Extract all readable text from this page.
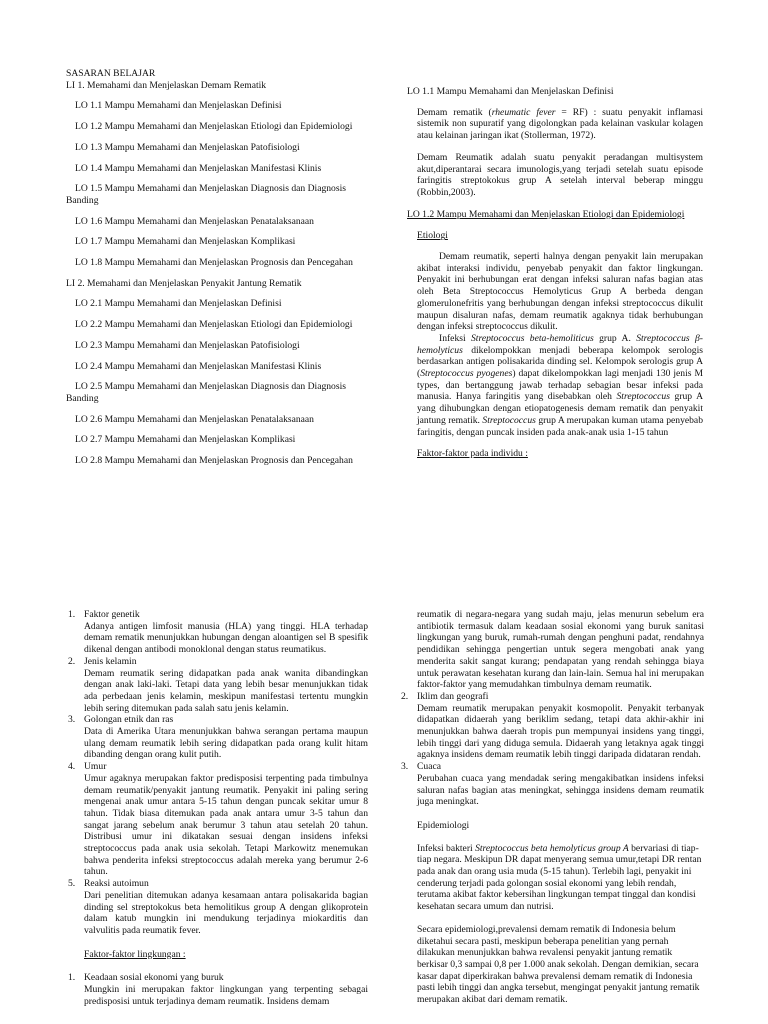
SASARAN BELAJAR

LI 1. Memahami dan Menjelaskan Demam Rematik

LO 1.1 Mampu Memahami dan Menjelaskan Definisi

LO 1.2 Mampu Memahami dan Menjelaskan Etiologi dan Epidemiologi

LO 1.3 Mampu Memahami dan Menjelaskan Patofisiologi

LO 1.4 Mampu Memahami dan Menjelaskan Manifestasi Klinis

LO 1.5 Mampu Memahami dan Menjelaskan Diagnosis dan Diagnosis Banding

LO 1.6 Mampu Memahami dan Menjelaskan Penatalaksanaan

LO 1.7 Mampu Memahami dan Menjelaskan Komplikasi

LO 1.8 Mampu Memahami dan Menjelaskan Prognosis dan Pencegahan

LI 2. Memahami dan Menjelaskan Penyakit Jantung Rematik

LO 2.1 Mampu Memahami dan Menjelaskan Definisi

LO 2.2 Mampu Memahami dan Menjelaskan Etiologi dan Epidemiologi

LO 2.3 Mampu Memahami dan Menjelaskan Patofisiologi

LO 2.4 Mampu Memahami dan Menjelaskan Manifestasi Klinis

LO 2.5 Mampu Memahami dan Menjelaskan Diagnosis dan Diagnosis Banding

LO 2.6 Mampu Memahami dan Menjelaskan Penatalaksanaan

LO 2.7 Mampu Memahami dan Menjelaskan Komplikasi

LO 2.8 Mampu Memahami dan Menjelaskan Prognosis dan Pencegahan

LO 1.1 Mampu Memahami dan Menjelaskan Definisi

Demam rematik (rheumatic fever = RF) : suatu penyakit inflamasi sistemik non supuratif yang digolongkan pada kelainan vaskular kolagen atau kelainan jaringan ikat (Stollerman, 1972).

Demam Reumatik adalah suatu penyakit peradangan multisystem akut,diperantarai secara imunologis,yang terjadi setelah suatu episode faringitis streptokokus grup A setelah interval beberap minggu (Robbin,2003).

LO 1.2 Mampu Memahami dan Menjelaskan Etiologi dan Epidemiologi

Etiologi

Demam reumatik, seperti halnya dengan penyakit lain merupakan akibat interaksi individu, penyebab penyakit dan faktor lingkungan. Penyakit ini berhubungan erat dengan infeksi saluran nafas bagian atas oleh Beta Streptococcus Hemolyticus Grup A berbeda dengan glomerulonefritis yang berhubungan dengan infeksi streptococcus dikulit maupun disaluran nafas, demam reumatik agaknya tidak berhubungan dengan infeksi streptococcus dikulit.

Infeksi Streptococcus beta-hemoliticus grup A. Streptococcus β-hemolyticus dikelompokkan menjadi beberapa kelompok serologis berdasarkan antigen polisakarida dinding sel. Kelompok serologis grup A (Streptococcus pyogenes) dapat dikelompokkan lagi menjadi 130 jenis M types, dan bertanggung jawab terhadap sebagian besar infeksi pada manusia. Hanya faringitis yang disebabkan oleh Streptococcus grup A yang dihubungkan dengan etiopatogenesis demam rematik dan penyakit jantung rematik. Streptococcus grup A merupakan kuman utama penyebab faringitis, dengan puncak insiden pada anak-anak usia 1-15 tahun

Faktor-faktor pada individu :

1. Faktor genetik
Adanya antigen limfosit manusia (HLA) yang tinggi. HLA terhadap demam rematik menunjukkan hubungan dengan aloantigen sel B spesifik dikenal dengan antibodi monoklonal dengan status reumatikus.
2. Jenis kelamin
Demam reumatik sering didapatkan pada anak wanita dibandingkan dengan anak laki-laki. Tetapi data yang lebih besar menunjukkan tidak ada perbedaan jenis kelamin, meskipun manifestasi tertentu mungkin lebih sering ditemukan pada salah satu jenis kelamin.
3. Golongan etnik dan ras
Data di Amerika Utara menunjukkan bahwa serangan pertama maupun ulang demam reumatik lebih sering didapatkan pada orang kulit hitam dibanding dengan orang kulit putih.
4. Umur
Umur agaknya merupakan faktor predisposisi terpenting pada timbulnya demam reumatik/penyakit jantung reumatik. Penyakit ini paling sering mengenai anak umur antara 5-15 tahun dengan puncak sekitar umur 8 tahun. Tidak biasa ditemukan pada anak antara umur 3-5 tahun dan sangat jarang sebelum anak berumur 3 tahun atau setelah 20 tahun. Distribusi umur ini dikatakan sesuai dengan insidens infeksi streptococcus pada anak usia sekolah. Tetapi Markowitz menemukan bahwa penderita infeksi streptococcus adalah mereka yang berumur 2-6 tahun.
5. Reaksi autoimun
Dari penelitian ditemukan adanya kesamaan antara polisakarida bagian dinding sel streptokokus beta hemolitikus group A dengan glikoprotein dalam katub mungkin ini mendukung terjadinya miokarditis dan valvulitis pada reumatik fever.

Faktor-faktor lingkungan :

1. Keadaan sosial ekonomi yang buruk
Mungkin ini merupakan faktor lingkungan yang terpenting sebagai predisposisi untuk terjadinya demam reumatik. Insidens demam

reumatik di negara-negara yang sudah maju, jelas menurun sebelum era antibiotik termasuk dalam keadaan sosial ekonomi yang buruk sanitasi lingkungan yang buruk, rumah-rumah dengan penghuni padat, rendahnya pendidikan sehingga pengertian untuk segera mengobati anak yang menderita sakit sangat kurang; pendapatan yang rendah sehingga biaya untuk perawatan kesehatan kurang dan lain-lain. Semua hal ini merupakan faktor-faktor yang memudahkan timbulnya demam reumatik.

2. Iklim dan geografi
Demam reumatik merupakan penyakit kosmopolit. Penyakit terbanyak didapatkan didaerah yang beriklim sedang, tetapi data akhir-akhir ini menunjukkan bahwa daerah tropis pun mempunyai insidens yang tinggi, lebih tinggi dari yang diduga semula. Didaerah yang letaknya agak tinggi agaknya insidens demam reumatik lebih tinggi daripada didataran rendah.
3. Cuaca
Perubahan cuaca yang mendadak sering mengakibatkan insidens infeksi saluran nafas bagian atas meningkat, sehingga insidens demam reumatik juga meningkat.

Epidemiologi

Infeksi bakteri Streptococcus beta hemolyticus group A bervariasi di tiap-tiap negara. Meskipun DR dapat menyerang semua umur,tetapi DR rentan pada anak dan orang usia muda (5-15 tahun). Terlebih lagi, penyakit ini cenderung terjadi pada golongan sosial ekonomi yang lebih rendah, terutama akibat faktor kebersihan lingkungan tempat tinggal dan kondisi kesehatan secara umum dan nutrisi.

Secara epidemiologi,prevalensi demam rematik di Indonesia belum diketahui secara pasti, meskipun beberapa penelitian yang pernah dilakukan menunjukkan bahwa revalensi penyakit jantung rematik berkisar 0,3 sampai 0,8 per 1.000 anak sekolah. Dengan demikian, secara kasar dapat diperkirakan bahwa prevalensi demam rematik di Indonesia pasti lebih tinggi dan angka tersebut, mengingat penyakit jantung rematik merupakan akibat dari demam rematik.
